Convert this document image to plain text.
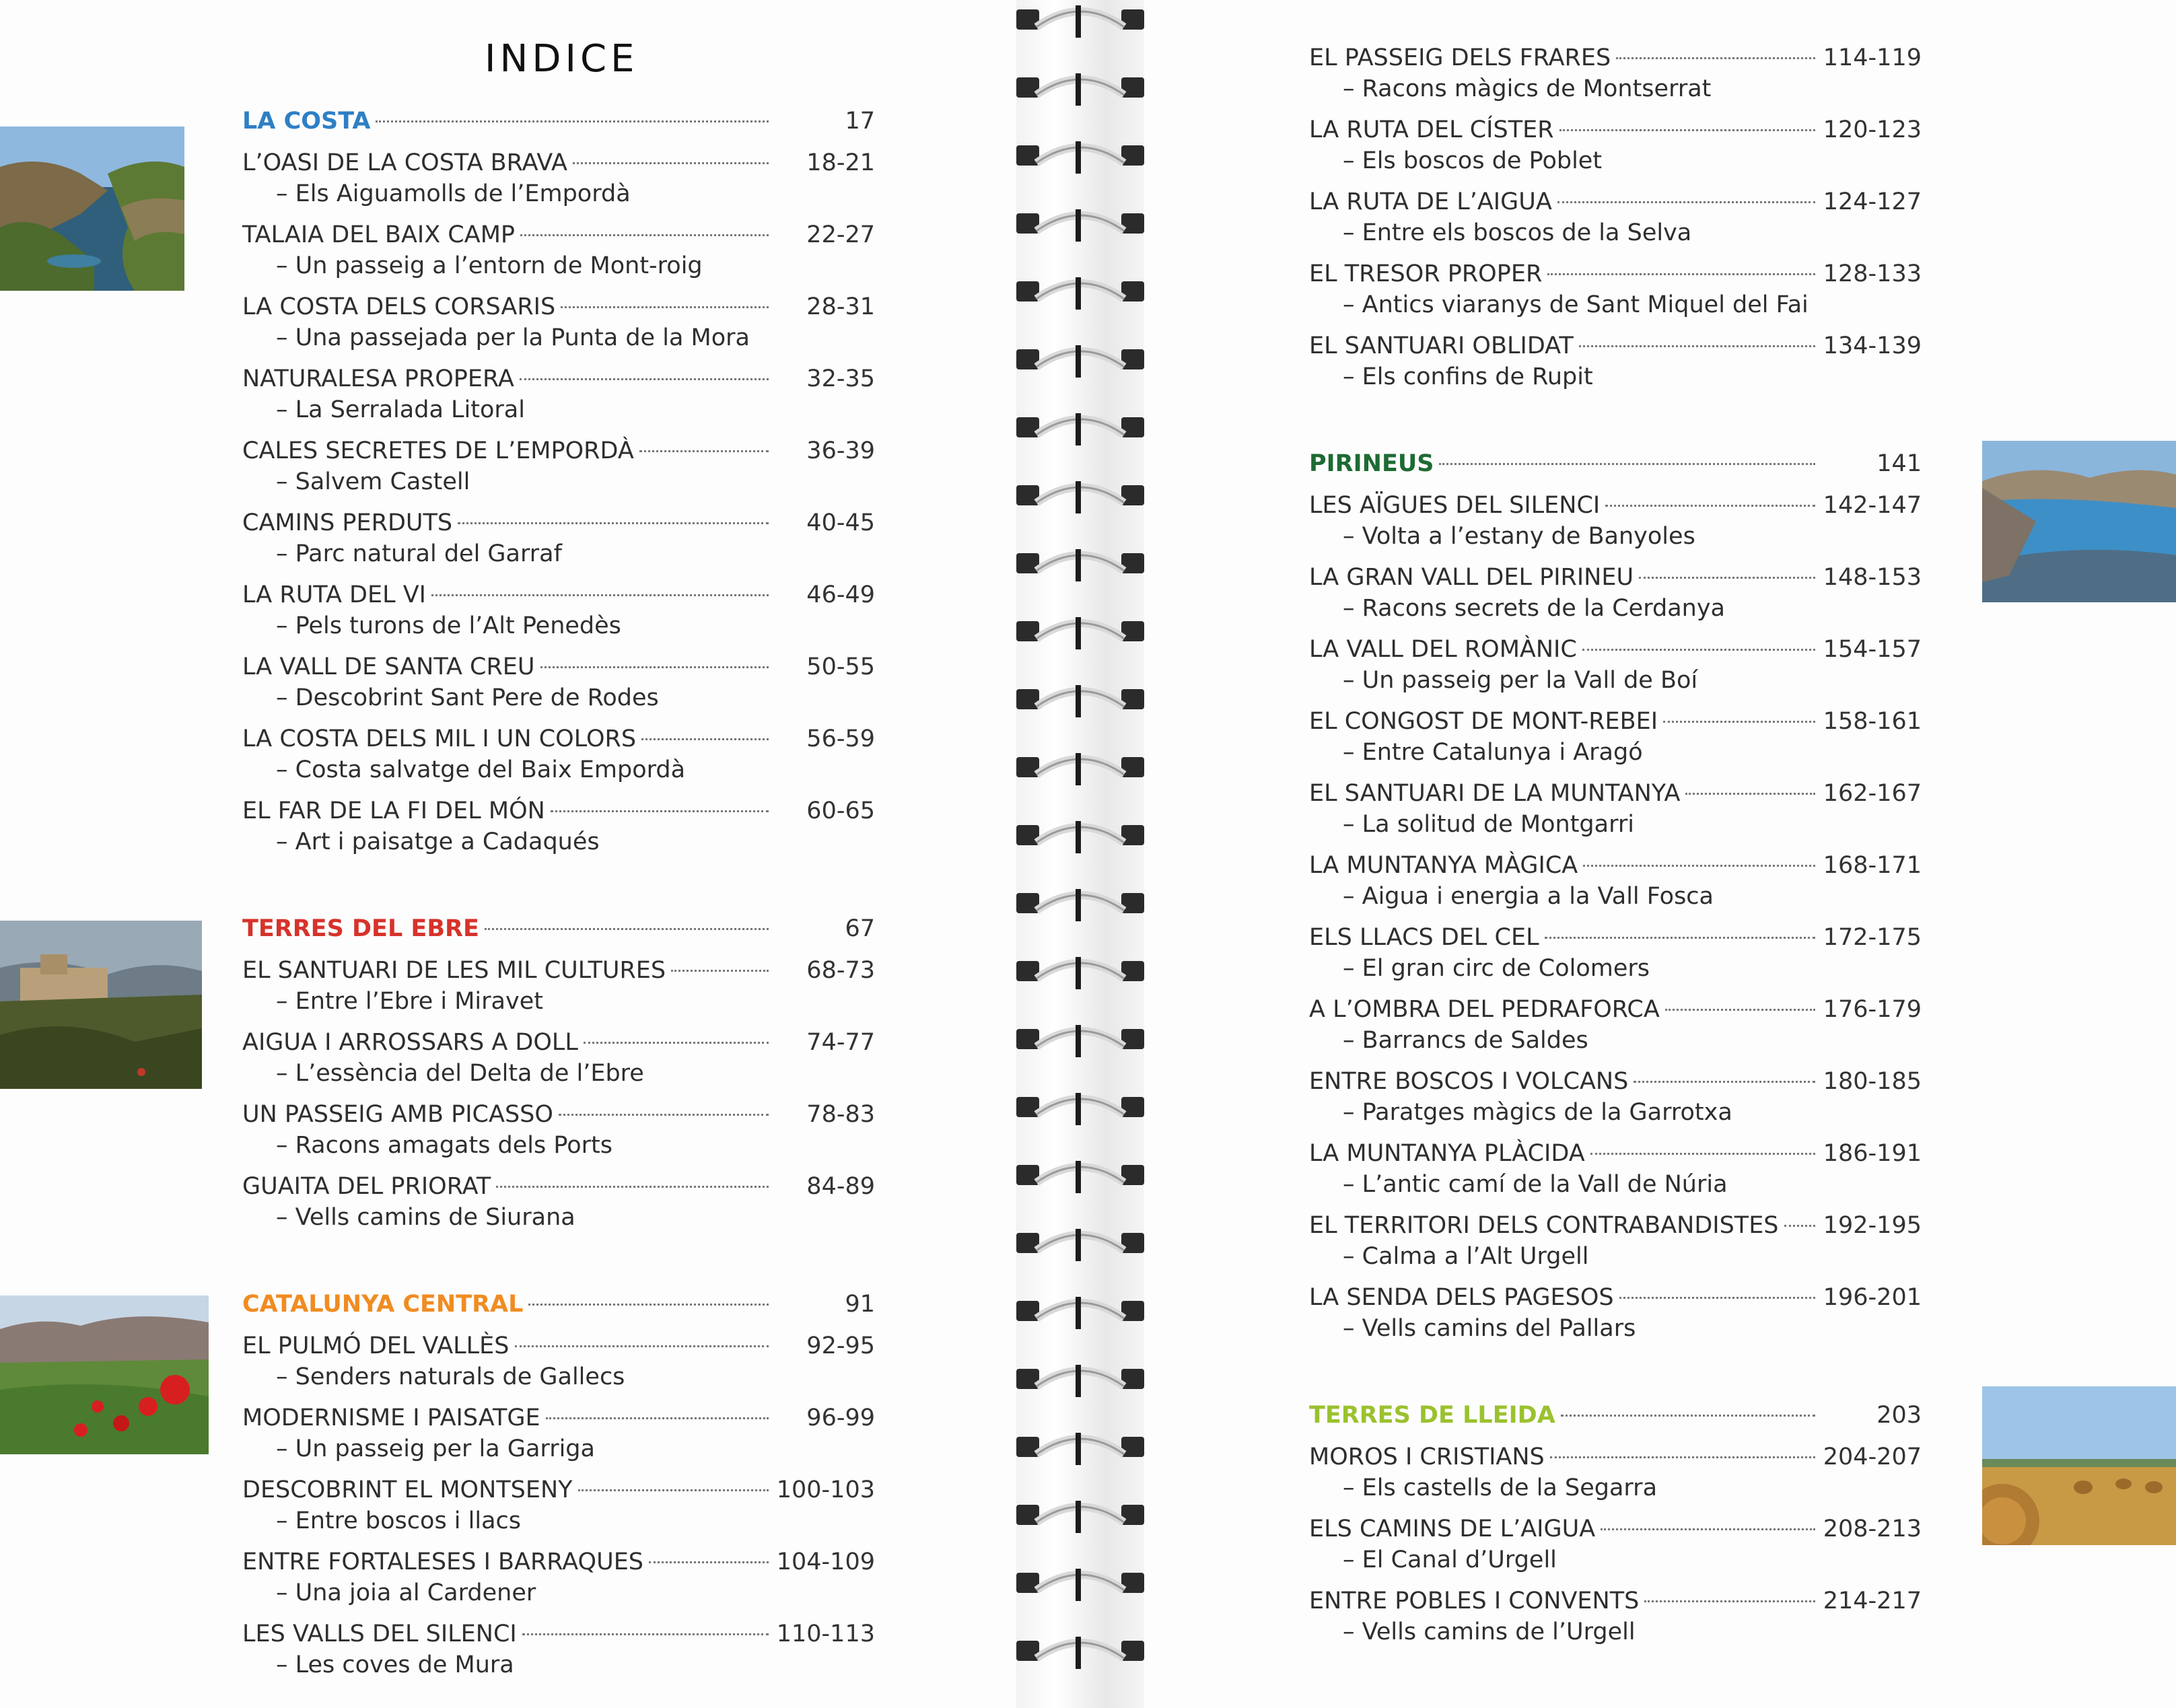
INDICE
LA COSTA	17
L’OASI DE LA COSTA BRAVA	18-21
– Els Aiguamolls de l’Empordà
TALAIA DEL BAIX CAMP	22-27
– Un passeig a l’entorn de Mont-roig
LA COSTA DELS CORSARIS	28-31
– Una passejada per la Punta de la Mora
NATURALESA PROPERA	32-35
– La Serralada Litoral
CALES SECRETES DE L’EMPORDÀ	36-39
– Salvem Castell
CAMINS PERDUTS	40-45
– Parc natural del Garraf
LA RUTA DEL VI	46-49
– Pels turons de l’Alt Penedès
LA VALL DE SANTA CREU	50-55
– Descobrint Sant Pere de Rodes
LA COSTA DELS MIL I UN COLORS	56-59
– Costa salvatge del Baix Empordà
EL FAR DE LA FI DEL MÓN	60-65
– Art i paisatge a Cadaqués
TERRES DEL EBRE	67
EL SANTUARI DE LES MIL CULTURES	68-73
– Entre l’Ebre i Miravet
AIGUA I ARROSSARS A DOLL	74-77
– L’essència del Delta de l’Ebre
UN PASSEIG AMB PICASSO	78-83
– Racons amagats dels Ports
GUAITA DEL PRIORAT	84-89
– Vells camins de Siurana
CATALUNYA CENTRAL	91
EL PULMÓ DEL VALLÈS	92-95
– Senders naturals de Gallecs
MODERNISME I PAISATGE	96-99
– Un passeig per la Garriga
DESCOBRINT EL MONTSENY	100-103
– Entre boscos i llacs
ENTRE FORTALESES I BARRAQUES	104-109
– Una joia al Cardener
LES VALLS DEL SILENCI	110-113
– Les coves de Mura
EL PASSEIG DELS FRARES	114-119
– Racons màgics de Montserrat
LA RUTA DEL CÍSTER	120-123
– Els boscos de Poblet
LA RUTA DE L’AIGUA	124-127
– Entre els boscos de la Selva
EL TRESOR PROPER	128-133
– Antics viaranys de Sant Miquel del Fai
EL SANTUARI OBLIDAT	134-139
– Els confins de Rupit
PIRINEUS	141
LES AÏGUES DEL SILENCI	142-147
– Volta a l’estany de Banyoles
LA GRAN VALL DEL PIRINEU	148-153
– Racons secrets de la Cerdanya
LA VALL DEL ROMÀNIC	154-157
– Un passeig per la Vall de Boí
EL CONGOST DE MONT-REBEI	158-161
– Entre Catalunya i Aragó
EL SANTUARI DE LA MUNTANYA	162-167
– La solitud de Montgarri
LA MUNTANYA MÀGICA	168-171
– Aigua i energia a la Vall Fosca
ELS LLACS DEL CEL	172-175
– El gran circ de Colomers
A L’OMBRA DEL PEDRAFORCA	176-179
– Barrancs de Saldes
ENTRE BOSCOS I VOLCANS	180-185
– Paratges màgics de la Garrotxa
LA MUNTANYA PLÀCIDA	186-191
– L’antic camí de la Vall de Núria
EL TERRITORI DELS CONTRABANDISTES 192-195
– Calma a l’Alt Urgell
LA SENDA DELS PAGESOS	196-201
– Vells camins del Pallars
TERRES DE LLEIDA	203
MOROS I CRISTIANS	204-207
– Els castells de la Segarra
ELS CAMINS DE L’AIGUA	208-213
– El Canal d’Urgell
ENTRE POBLES I CONVENTS	214-217
– Vells camins de l’Urgell
